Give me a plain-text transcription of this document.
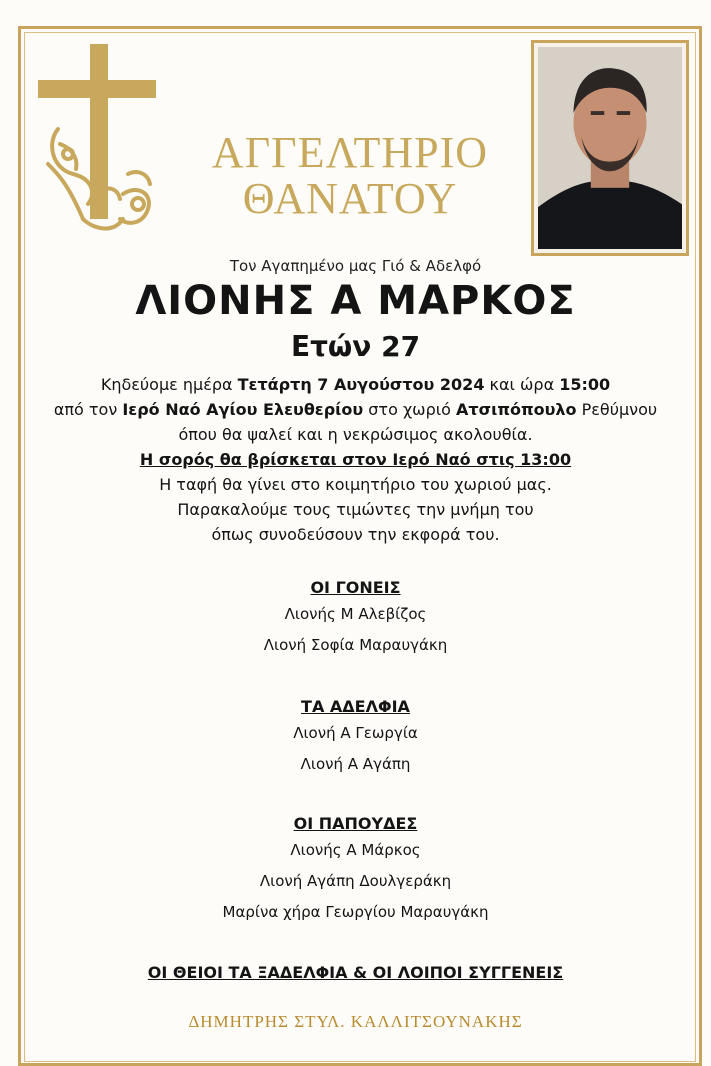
ΑΓΓΕΛΤΗΡΙΟ
ΘΑΝΑΤΟΥ
Τον Αγαπημένο μας Γιό & Αδελφό
ΛΙΟΝΗΣ Α ΜΑΡΚΟΣ
Ετών 27
Κηδεύομε ημέρα Τετάρτη 7 Αυγούστου 2024 και ώρα 15:00
από τον Ιερό Ναό Αγίου Ελευθερίου στο χωριό Ατσιπόπουλο Ρεθύμνου
όπου θα ψαλεί και η νεκρώσιμος ακολουθία.
Η σορός θα βρίσκεται στον Ιερό Ναό στις 13:00
Η ταφή θα γίνει στο κοιμητήριο του χωριού μας.
Παρακαλούμε τους τιμώντες την μνήμη του
όπως συνοδεύσουν την εκφορά του.
ΟΙ ΓΟΝΕΙΣ
Λιονής Μ Αλεβίζος
Λιονή Σοφία Μαραυγάκη
ΤΑ ΑΔΕΛΦΙΑ
Λιονή Α Γεωργία
Λιονή Α Αγάπη
ΟΙ ΠΑΠΟΥΔΕΣ
Λιονής Α Μάρκος
Λιονή Αγάπη Δουλγεράκη
Μαρίνα χήρα Γεωργίου Μαραυγάκη
ΟΙ ΘΕΙΟΙ ΤΑ ΞΑΔΕΛΦΙΑ & ΟΙ ΛΟΙΠΟΙ ΣΥΓΓΕΝΕΙΣ
ΔΗΜΗΤΡΗΣ ΣΤΥΛ. ΚΑΛΛΙΤΣΟΥΝΑΚΗΣ
